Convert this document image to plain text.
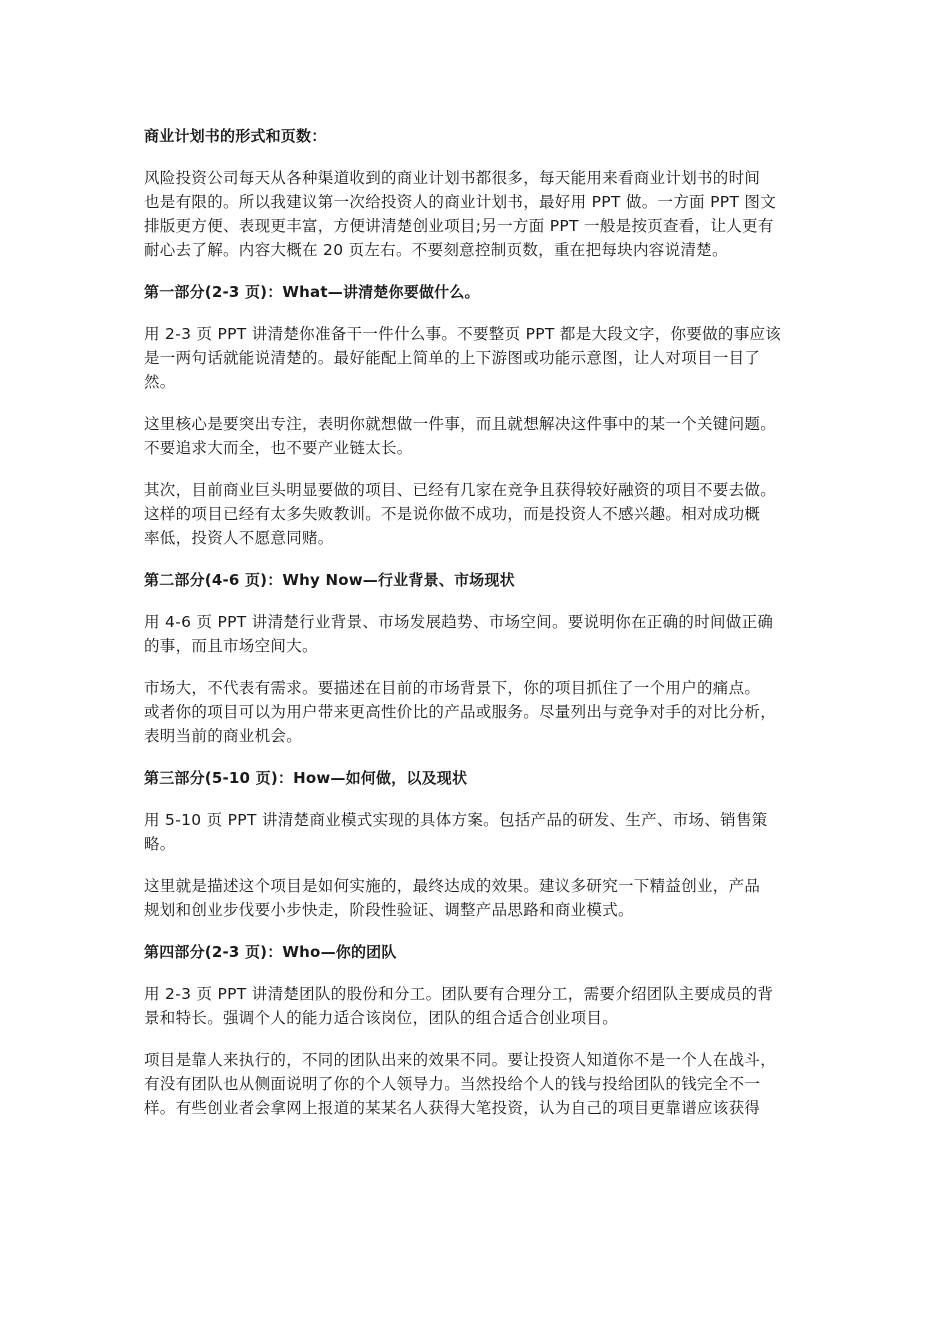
商业计划书的形式和页数：
风险投资公司每天从各种渠道收到的商业计划书都很多，每天能用来看商业计划书的时间
也是有限的。所以我建议第一次给投资人的商业计划书，最好用 PPT 做。一方面 PPT 图文
排版更方便、表现更丰富，方便讲清楚创业项目;另一方面 PPT 一般是按页查看，让人更有
耐心去了解。内容大概在 20 页左右。不要刻意控制页数，重在把每块内容说清楚。
第一部分(2-3 页)：What—讲清楚你要做什么。
用 2-3 页 PPT 讲清楚你准备干一件什么事。不要整页 PPT 都是大段文字，你要做的事应该
是一两句话就能说清楚的。最好能配上简单的上下游图或功能示意图，让人对项目一目了
然。
这里核心是要突出专注，表明你就想做一件事，而且就想解决这件事中的某一个关键问题。
不要追求大而全，也不要产业链太长。
其次，目前商业巨头明显要做的项目、已经有几家在竞争且获得较好融资的项目不要去做。
这样的项目已经有太多失败教训。不是说你做不成功，而是投资人不感兴趣。相对成功概
率低，投资人不愿意同赌。
第二部分(4-6 页)：Why Now—行业背景、市场现状
用 4-6 页 PPT 讲清楚行业背景、市场发展趋势、市场空间。要说明你在正确的时间做正确
的事，而且市场空间大。
市场大，不代表有需求。要描述在目前的市场背景下，你的项目抓住了一个用户的痛点。
或者你的项目可以为用户带来更高性价比的产品或服务。尽量列出与竞争对手的对比分析，
表明当前的商业机会。
第三部分(5-10 页)：How—如何做，以及现状
用 5-10 页 PPT 讲清楚商业模式实现的具体方案。包括产品的研发、生产、市场、销售策
略。
这里就是描述这个项目是如何实施的，最终达成的效果。建议多研究一下精益创业，产品
规划和创业步伐要小步快走，阶段性验证、调整产品思路和商业模式。
第四部分(2-3 页)：Who—你的团队
用 2-3 页 PPT 讲清楚团队的股份和分工。团队要有合理分工，需要介绍团队主要成员的背
景和特长。强调个人的能力适合该岗位，团队的组合适合创业项目。
项目是靠人来执行的，不同的团队出来的效果不同。要让投资人知道你不是一个人在战斗，
有没有团队也从侧面说明了你的个人领导力。当然投给个人的钱与投给团队的钱完全不一
样。有些创业者会拿网上报道的某某名人获得大笔投资，认为自己的项目更靠谱应该获得
